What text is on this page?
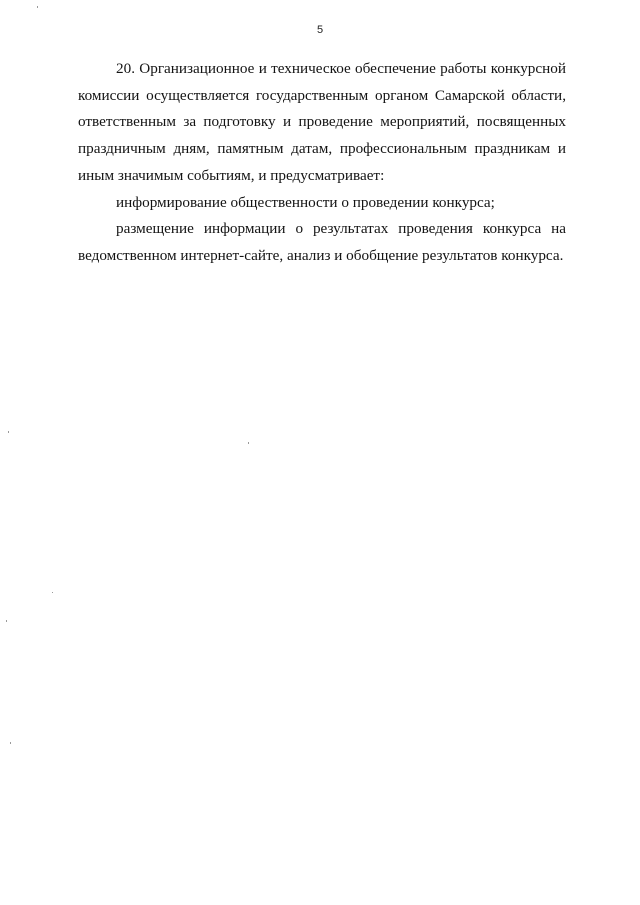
5

20. Организационное и техническое обеспечение работы конкурсной комиссии осуществляется государственным органом Самарской области, ответственным за подготовку и проведение мероприятий, посвященных праздничным дням, памятным датам, профессиональным праздникам и иным значимым событиям, и предусматривает:

информирование общественности о проведении конкурса;

размещение информации о результатах проведения конкурса на ведомственном интернет-сайте, анализ и обобщение результатов конкурса.
